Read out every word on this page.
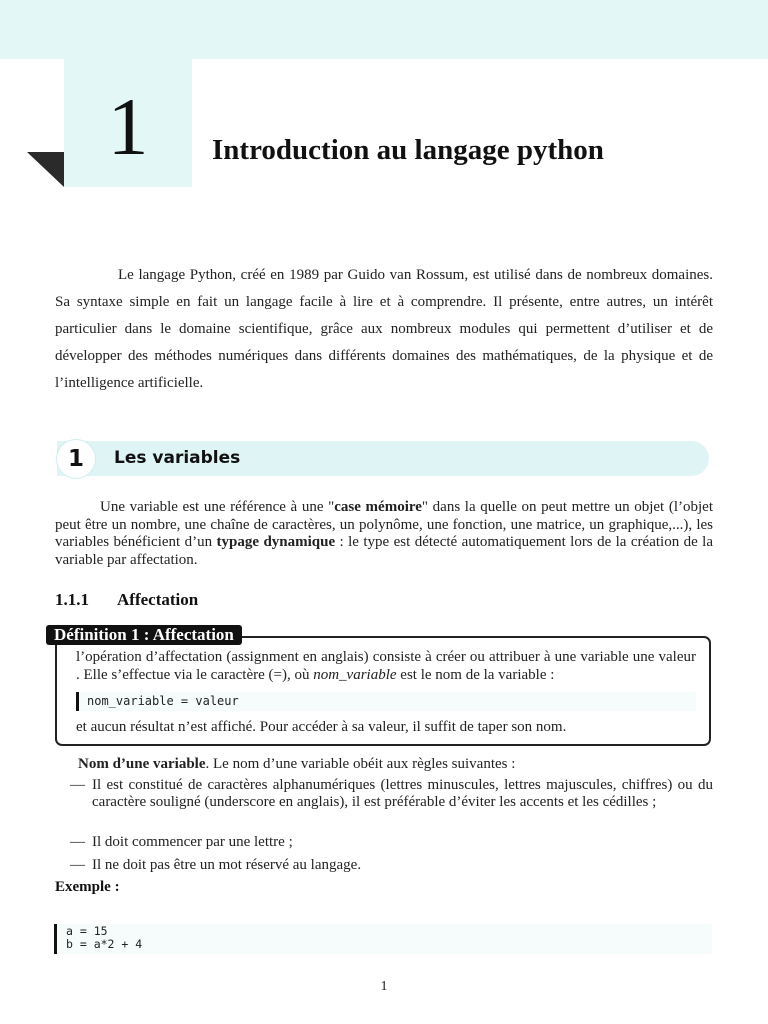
1	Introduction au langage python

Le langage Python, créé en 1989 par Guido van Rossum, est utilisé dans de nombreux domaines. Sa syntaxe simple en fait un langage facile à lire et à comprendre. Il présente, entre autres, un intérêt particulier dans le domaine scientifique, grâce aux nombreux modules qui permettent d’utiliser et de développer des méthodes numériques dans différents domaines des mathématiques, de la physique et de l’intelligence artificielle.

1	Les variables

Une variable est une référence à une "case mémoire" dans la quelle on peut mettre un objet (l’objet peut être un nombre, une chaîne de caractères, un polynôme, une fonction, une matrice, un graphique,...), les variables bénéficient d’un typage dynamique : le type est détecté automatiquement lors de la création de la variable par affectation.

1.1.1 Affectation
Définition 1 : Affectation

l’opération d’affectation (assignment en anglais) consiste à créer ou attribuer à une variable une valeur . Elle s’effectue via le caractère (=), où nom_variable est le nom de la variable :

nom_variable = valeur

et aucun résultat n’est affiché. Pour accéder à sa valeur, il suffit de taper son nom.

Nom d’une variable. Le nom d’une variable obéit aux règles suivantes :
— Il est constitué de caractères alphanumériques (lettres minuscules, lettres majuscules, chiffres) ou du caractère souligné (underscore en anglais), il est préférable d’éviter les accents et les cédilles ;
— Il doit commencer par une lettre ;
— Il ne doit pas être un mot réservé au langage.
Exemple :
a = 15
b = a*2 + 4
1
